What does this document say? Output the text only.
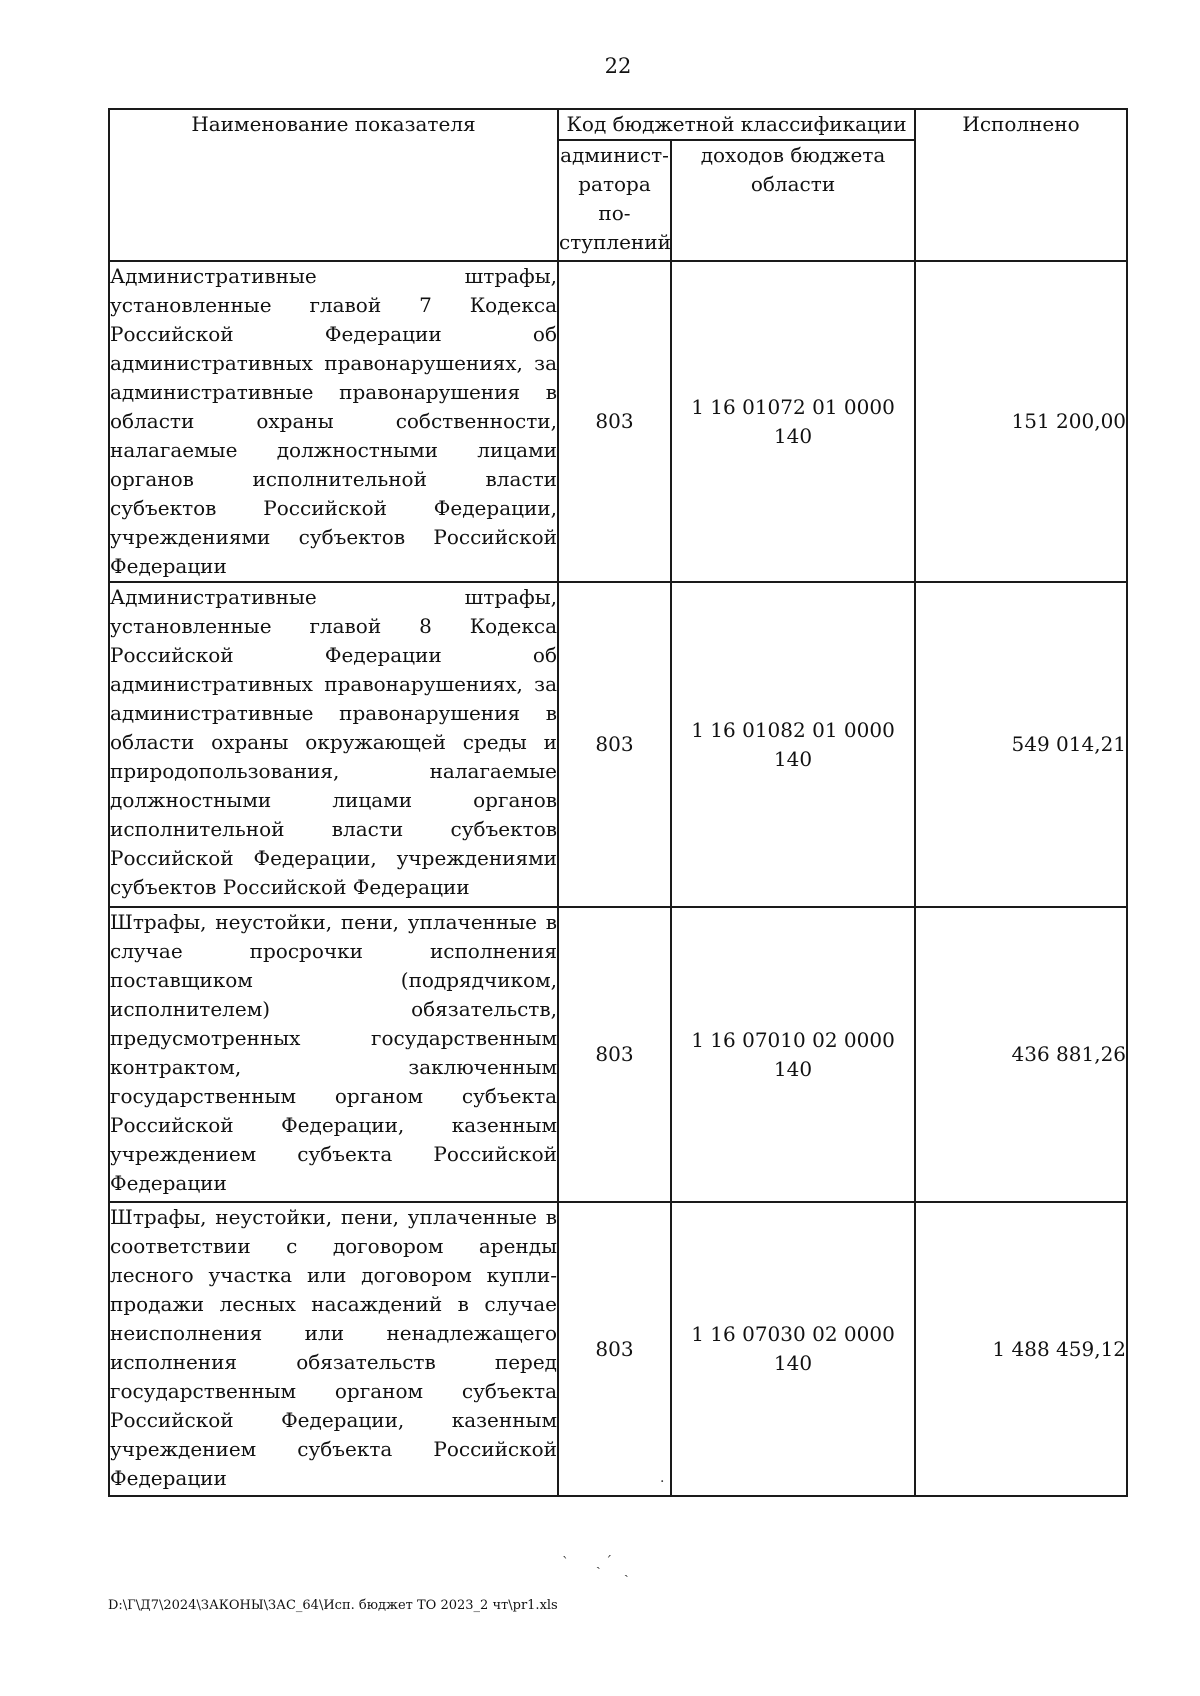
22
Наименование показателя	Код бюджетной классификации		Исполнено
	админист-ратора по-ступлений	доходов бюджета области	
Административные штрафы, установленные главой 7 Кодекса Российской Федерации об административных правонарушениях, за административные правонарушения в области охраны собственности, налагаемые должностными лицами органов исполнительной власти субъектов Российской Федерации, учреждениями субъектов Российской Федерации	803	1 16 01072 01 0000 140	151 200,00
Административные штрафы, установленные главой 8 Кодекса Российской Федерации об административных правонарушениях, за административные правонарушения в области охраны окружающей среды и природопользования, налагаемые должностными лицами органов исполнительной власти субъектов Российской Федерации, учреждениями субъектов Российской Федерации	803	1 16 01082 01 0000 140	549 014,21
Штрафы, неустойки, пени, уплаченные в случае просрочки исполнения поставщиком (подрядчиком, исполнителем) обязательств, предусмотренных государственным контрактом, заключенным государственным органом субъекта Российской Федерации, казенным учреждением субъекта Российской Федерации	803	1 16 07010 02 0000 140	436 881,26
Штрафы, неустойки, пени, уплаченные в соответствии с договором аренды лесного участка или договором купли-продажи лесных насаждений в случае неисполнения или ненадлежащего исполнения обязательств перед государственным органом субъекта Российской Федерации, казенным учреждением субъекта Российской Федерации	803	1 16 07030 02 0000 140	1 488 459,12
·
ˋ ˎ ˊ ˎ
D:\Г\Д7\2024\ЗАКОНЫ\ЗАС_64\Исп. бюджет ТО 2023_2 чт\pr1.xls
